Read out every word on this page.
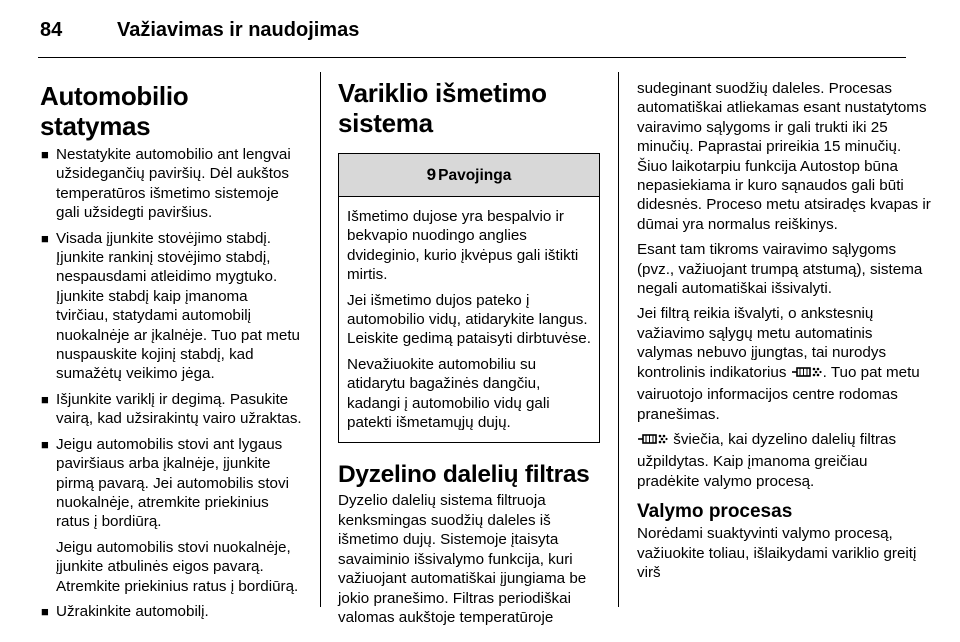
84	Važiavimas ir naudojimas
Automobilio statymas
■ Nestatykite automobilio ant lengvai užsidegančių paviršių. Dėl aukštos temperatūros išmetimo sistemoje gali užsidegti paviršius.
■ Visada įjunkite stovėjimo stabdį. Įjunkite rankinį stovėjimo stabdį, nespausdami atleidimo mygtuko. Įjunkite stabdį kaip įmanoma tvirčiau, statydami automobilį nuokalnėje ar įkalnėje. Tuo pat metu nuspauskite kojinį stabdį, kad sumažėtų veikimo jėga.
■ Išjunkite variklį ir degimą. Pasukite vairą, kad užsirakintų vairo užraktas.
■ Jeigu automobilis stovi ant lygaus paviršiaus arba įkalnėje, įjunkite pirmą pavarą. Jei automobilis stovi nuokalnėje, atremkite priekinius ratus į bordiūrą.
Jeigu automobilis stovi nuokalnėje, įjunkite atbulinės eigos pavarą. Atremkite priekinius ratus į bordiūrą.
■ Užrakinkite automobilį.
Variklio išmetimo sistema
9 Pavojinga

Išmetimo dujose yra bespalvio ir bekvapio nuodingo anglies dvideginio, kurio įkvėpus gali ištikti mirtis.

Jei išmetimo dujos pateko į automobilio vidų, atidarykite langus. Leiskite gedimą pataisyti dirbtuvėse.

Nevažiuokite automobiliu su atidarytu bagažinės dangčiu, kadangi į automobilio vidų gali patekti išmetamųjų dujų.

Dyzelino dalelių filtras

Dyzelio dalelių sistema filtruoja kenksmingas suodžių daleles iš išmetimo dujų. Sistemoje įtaisyta savaiminio išsivalymo funkcija, kuri važiuojant automatiškai įjungiama be jokio pranešimo. Filtras periodiškai valomas aukštoje temperatūroje

sudeginant suodžių daleles. Procesas automatiškai atliekamas esant nustatytoms vairavimo sąlygoms ir gali trukti iki 25 minučių. Paprastai prireikia 15 minučių. Šiuo laikotarpiu funkcija Autostop būna nepasiekiama ir kuro sąnaudos gali būti didesnės. Proceso metu atsiradęs kvapas ir dūmai yra normalus reiškinys.

Esant tam tikroms vairavimo sąlygoms (pvz., važiuojant trumpą atstumą), sistema negali automatiškai išsivalyti.

Jei filtrą reikia išvalyti, o ankstesnių važiavimo sąlygų metu automatinis valymas nebuvo įjungtas, tai nurodys kontrolinis indikatorius . Tuo pat metu vairuotojo informacijos centre rodomas pranešimas.

šviečia, kai dyzelino dalelių filtras užpildytas. Kaip įmanoma greičiau pradėkite valymo procesą.

Valymo procesas

Norėdami suaktyvinti valymo procesą, važiuokite toliau, išlaikydami variklio greitį virš
